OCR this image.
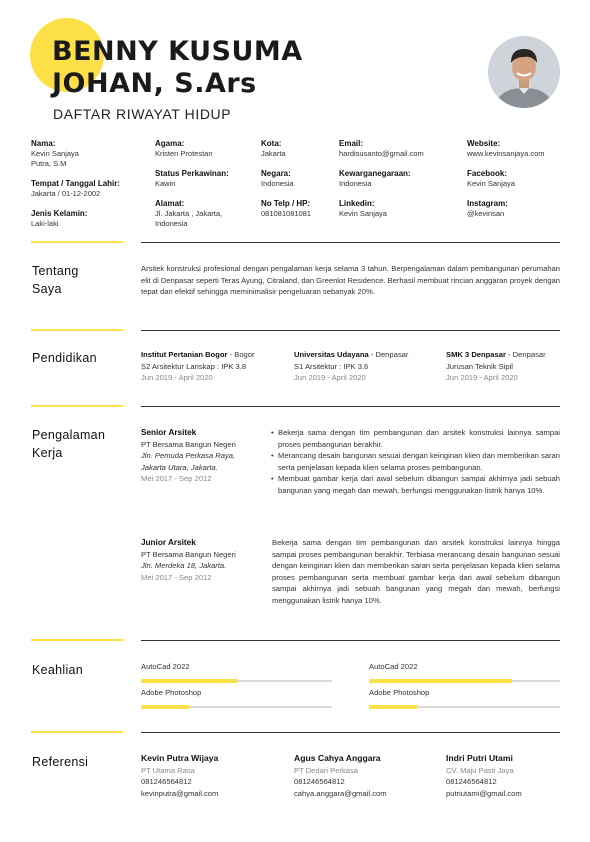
BENNY KUSUMA
JOHAN, S.Ars
DAFTAR RIWAYAT HIDUP
Nama:
Kevin Sanjaya
Putra, S.M
Tempat / Tanggal Lahir:
Jakarta / 01-12-2002
Jenis Kelamin:
Laki-laki
Agama:
Kristen Protestan
Status Perkawinan:
Kawin
Alamat:
Jl. Jakarta , Jakarta,
Indonesia
Kota:
Jakarta
Negara:
Indonesia
No Telp / HP:
081081081081
Email:
hardisusanto@gmail.com
Kewarganegaraan:
Indonesia
Linkedin:
Kevin Sanjaya
Website:
www.kevinsanjaya.com
Facebook:
Kevin Sanjaya
Instagram:
@kevinsan
Tentang
Saya
Arsitek konstruksi profesional dengan pengalaman kerja selama 3 tahun. Berpengalaman dalam pembangunan perumahan elit di Denpasar seperti Teras Ayung, Citraland, dan Greenlot Residence. Berhasil membuat rincian anggaran proyek dengan tepat dan efektif sehingga meminimalisir pengeluaran sebanyak 20%.
Pendidikan	Institut Pertanian Bogor - Bogor
S2 Arsitektur Lanskap : IPK 3.8
Jun 2019 - April 2020
Universitas Udayana - Denpasar
S1 Arsitektur : IPK 3.6
Jun 2019 - April 2020
SMK 3 Denpasar - Denpasar
Jurusan Teknik Sipil
Jun 2019 - April 2020
Pengalaman
Kerja
Senior Arsitek
PT Bersama Bangun Negeri
Jln. Pemuda Perkasa Raya,
Jakarta Utara, Jakarta.
Mei 2017 - Sep 2012
• Bekerja sama dengan tim pembangunan dan arsitek konstruksi lainnya sampai proses pembangunan berakhir.
• Merancang desain bangunan sesuai dengan keinginan klien dan memberikan saran serta penjelasan kepada klien selama proses pembangunan.
• Membuat gambar kerja dari awal sebelum dibangun sampai akhirnya jadi sebuah bangunan yang megah dan mewah, berfungsi menggunakan listrik hanya 10%.
Junior Arsitek
PT Bersama Bangun Negeri
Jln. Merdeka 18, Jakarta.
Mei 2017 - Sep 2012
Bekerja sama dengan tim pembangunan dan arsitek konstruksi lainnya hingga sampai proses pembangunan berakhir. Terbiasa merancang desain bangunan sesuai dengan keinginan klien dan memberikan saran serta penjelasan kepada klien selama proses pembangunan serta membuat gambar kerja dari awal sebelum dibangun sampai akhirnya jadi sebuah bangunan yang megah dan mewah, berfungsi menggunakan listrik hanya 10%.
Keahlian	AutoCad 2022	AutoCad 2022
Adobe Photoshop	Adobe Photoshop
Referensi	Kevin Putra Wijaya
PT Utama Rasa
081246564812
kevinputra@gmail.com
Agus Cahya Anggara
PT Dedari Perkasa
081246564812
cahya.anggara@gmail.com
Indri Putri Utami
CV. Maju Pasti Jaya
081246564812
putriutami@gmail.com
